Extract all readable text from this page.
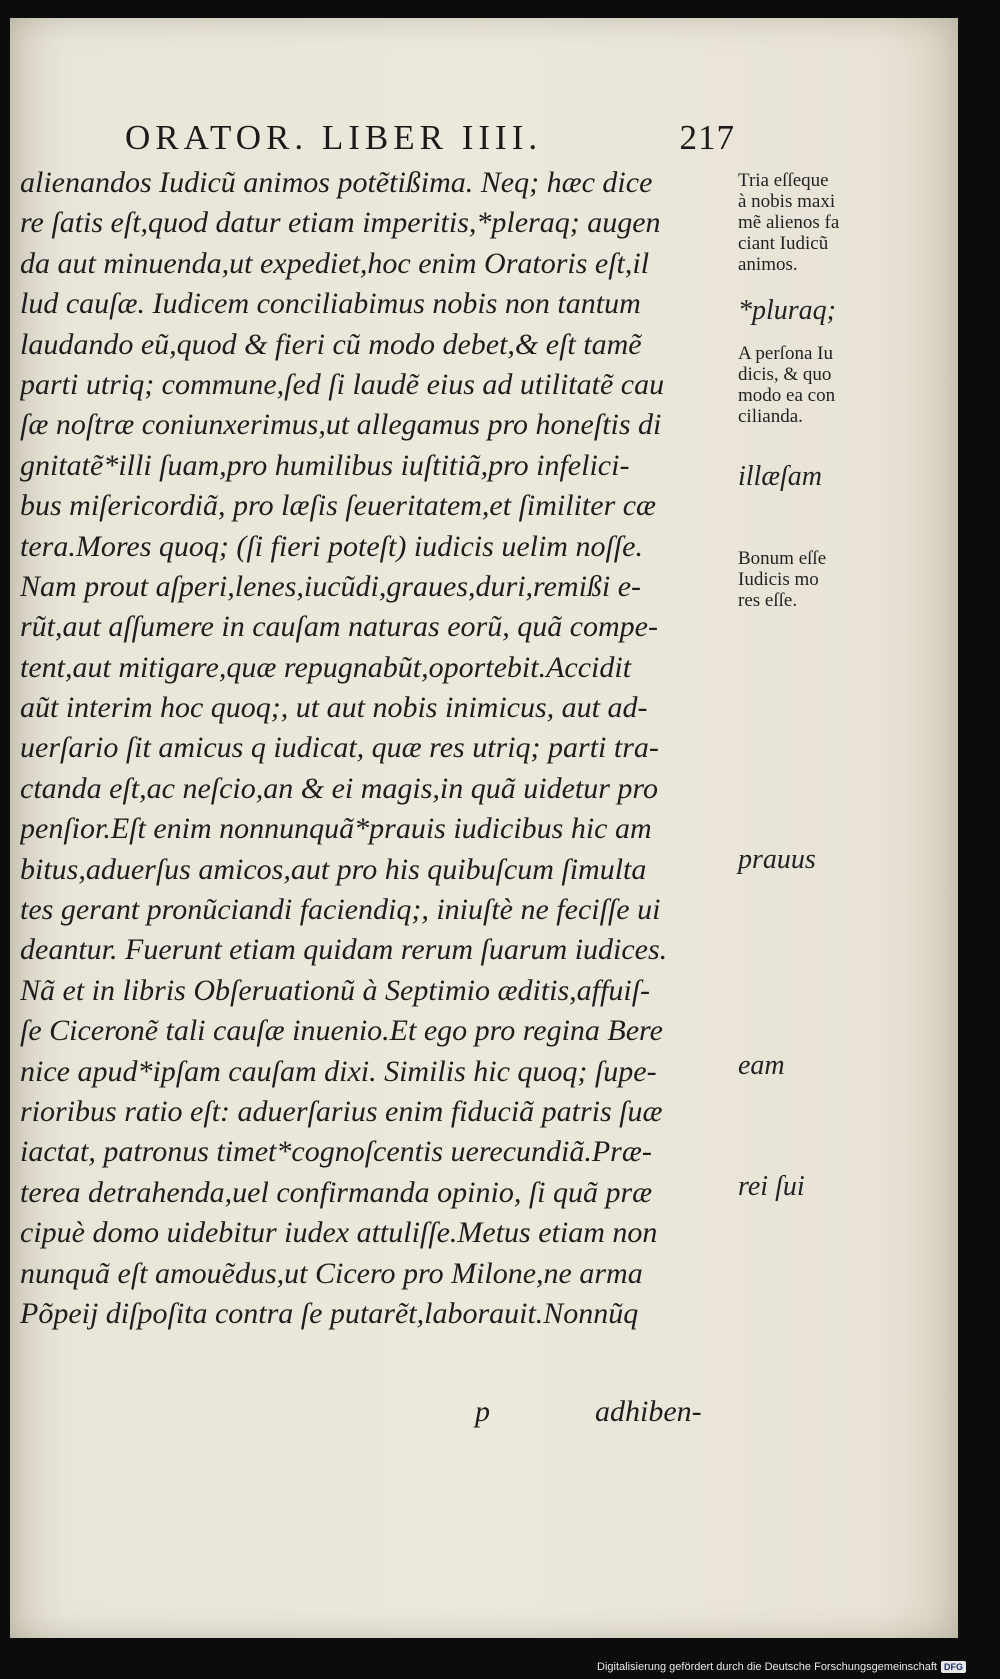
ORATOR. LIBER IIII.	217
alienandos Iudicũ animos potẽtißima. Neq; hæc dice
re ſatis eſt,quod datur etiam imperitis,*pleraq; augen
da aut minuenda,ut expediet,hoc enim Oratoris eſt,il
lud cauſæ. Iudicem conciliabimus nobis non tantum
laudando eũ,quod & fieri cũ modo debet,& eſt tamẽ
parti utriq; commune,ſed ſi laudẽ eius ad utilitatẽ cau
ſæ noſtræ coniunxerimus,ut allegamus pro honeſtis di
gnitatẽ*illi ſuam,pro humilibus iuſtitiã,pro infelici-
bus miſericordiã, pro læſis ſeueritatem,et ſimiliter cæ
tera.Mores quoq; (ſi fieri poteſt) iudicis uelim noſſe.
Nam prout aſperi,lenes,iucũdi,graues,duri,remißi e-
rũt,aut aſſumere in cauſam naturas eorũ, quã compe-
tent,aut mitigare,quæ repugnabũt,oportebit.Accidit
aũt interim hoc quoq;, ut aut nobis inimicus, aut ad-
uerſario ſit amicus q iudicat, quæ res utriq; parti tra-
ctanda eſt,ac neſcio,an & ei magis,in quã uidetur pro
penſior.Eſt enim nonnunquã*prauis iudicibus hic am
bitus,aduerſus amicos,aut pro his quibuſcum ſimulta
tes gerant pronũciandi faciendiq;, iniuſtè ne feciſſe ui
deantur. Fuerunt etiam quidam rerum ſuarum iudices.
Nã et in libris Obſeruationũ à Septimio æditis,affuiſ-
ſe Ciceronẽ tali cauſæ inuenio.Et ego pro regina Bere
nice apud*ipſam cauſam dixi. Similis hic quoq; ſupe-
rioribus ratio eſt: aduerſarius enim fiduciã patris ſuæ
iactat, patronus timet*cognoſcentis uerecundiã.Præ-
terea detrahenda,uel confirmanda opinio, ſi quã præ
cipuè domo uidebitur iudex attuliſſe.Metus etiam non
nunquã eſt amouẽdus,ut Cicero pro Milone,ne arma
Põpeij diſpoſita contra ſe putarẽt,laborauit.Nonnũq
Tria eſſeque
à nobis maxi
mẽ alienos fa
ciant Iudicũ
animos.
*pluraq;
A perſona Iu
dicis, & quo
modo ea con
cilianda.
illæſam
Bonum eſſe
Iudicis mo
res eſſe.
prauus
eam
rei ſui
p	adhiben-
Digitalisierung gefördert durch die Deutsche Forschungsgemeinschaft DFG
